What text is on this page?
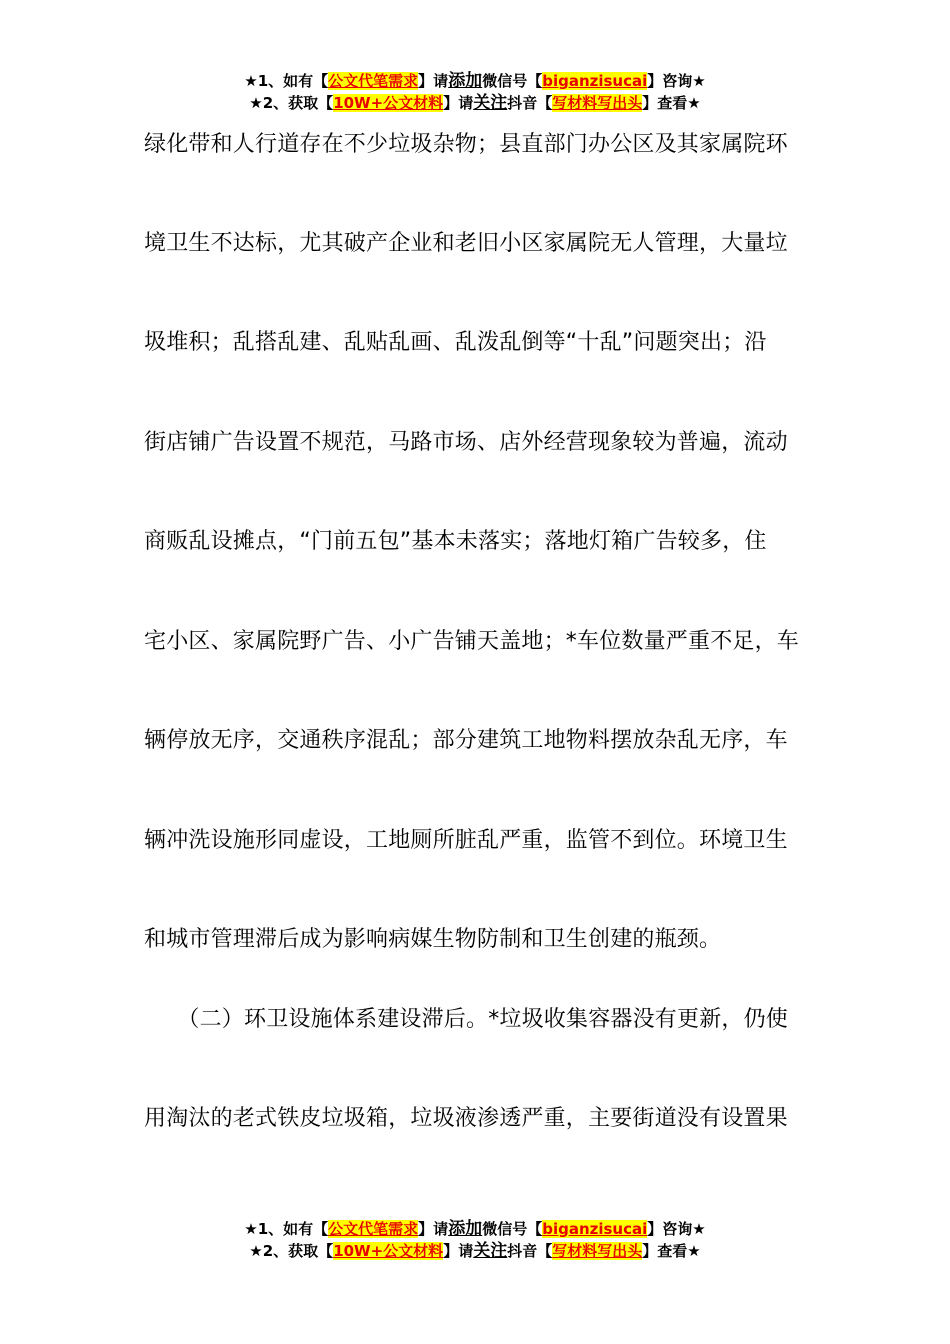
★1、如有【公文代笔需求】请添加微信号【biganzisucai】咨询★
★2、获取【10W+公文材料】请关注抖音【写材料写出头】查看★
绿化带和人行道存在不少垃圾杂物；县直部门办公区及其家属院环
境卫生不达标，尤其破产企业和老旧小区家属院无人管理，大量垃
圾堆积；乱搭乱建、乱贴乱画、乱泼乱倒等“十乱”问题突出；沿
街店铺广告设置不规范，马路市场、店外经营现象较为普遍，流动
商贩乱设摊点，“门前五包”基本未落实；落地灯箱广告较多，住
宅小区、家属院野广告、小广告铺天盖地；*车位数量严重不足，车
辆停放无序，交通秩序混乱；部分建筑工地物料摆放杂乱无序，车
辆冲洗设施形同虚设，工地厕所脏乱严重，监管不到位。环境卫生
和城市管理滞后成为影响病媒生物防制和卫生创建的瓶颈。
　　（二）环卫设施体系建设滞后。*垃圾收集容器没有更新，仍使
用淘汰的老式铁皮垃圾箱，垃圾液渗透严重，主要街道没有设置果
★1、如有【公文代笔需求】请添加微信号【biganzisucai】咨询★
★2、获取【10W+公文材料】请关注抖音【写材料写出头】查看★
